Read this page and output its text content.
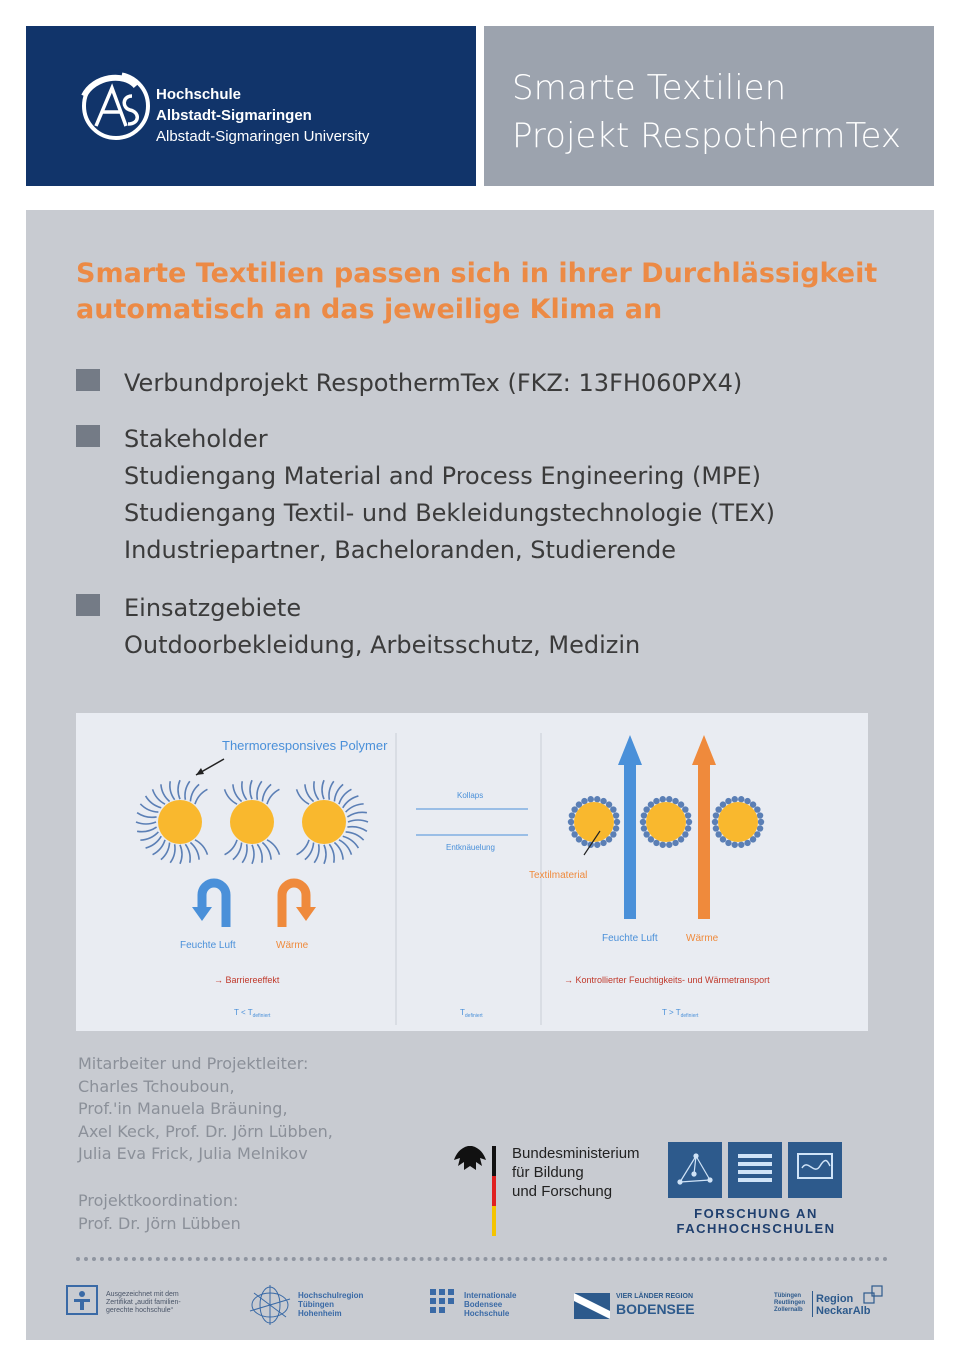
Hochschule
Albstadt-Sigmaringen
Albstadt-Sigmaringen University
Smarte Textilien
Projekt RespothermTex
Smarte Textilien passen sich in ihrer Durchlässigkeit automatisch an das jeweilige Klima an
Verbundprojekt RespothermTex (FKZ: 13FH060PX4)
Stakeholder
Studiengang Material and Process Engineering (MPE)
Studiengang Textil- und Bekleidungstechnologie (TEX)
Industriepartner, Bacheloranden, Studierende
Einsatzgebiete
Outdoorbekleidung, Arbeitsschutz, Medizin
Thermoresponsives Polymer
Feuchte Luft	Wärme
→ Barriereeffekt
Kollaps
Entknäuelung
Textilmaterial
Feuchte Luft	Wärme
→ Kontrollierter Feuchtigkeits- und Wärmetransport
$T < T_{definiert}$	$T_{definiert}$	$T > T_{definiert}$
Mitarbeiter und Projektleiter:
Charles Tchouboun,
Prof.'in Manuela Bräuning,
Axel Keck, Prof. Dr. Jörn Lübben,
Julia Eva Frick, Julia Melnikov
Projektkoordination:
Prof. Dr. Jörn Lübben
Bundesministerium
für Bildung
und Forschung
FORSCHUNG AN
FACHHOCHSCHULEN
Ausgezeichnet mit dem
Zertifikat „audit familien-
gerechte hochschule“
Hochschulregion
Tübingen
Hohenheim
Internationale
Bodensee
Hochschule
VIER LÄNDER REGION
BODENSEE
Tübingen
Reutlingen
Zollernalb
Region
NeckarAlb
